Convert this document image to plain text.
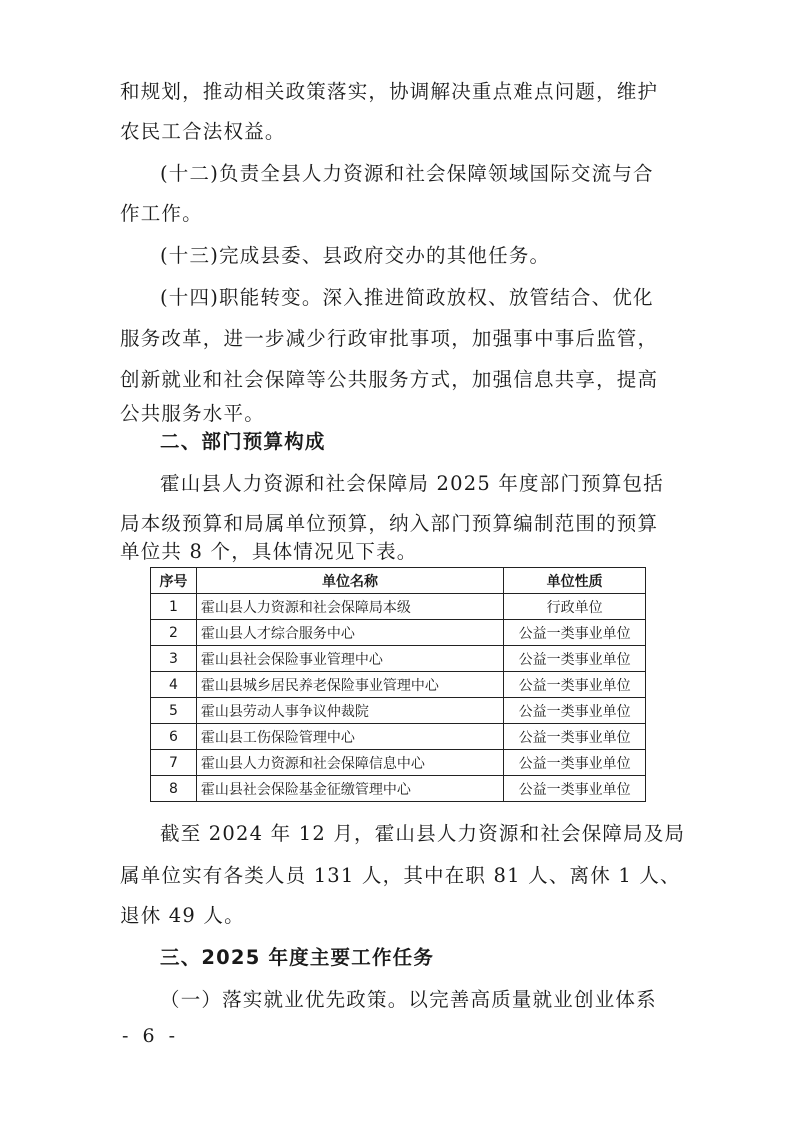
和规划，推动相关政策落实，协调解决重点难点问题，维护
农民工合法权益。
(十二)负责全县人力资源和社会保障领域国际交流与合
作工作。
(十三)完成县委、县政府交办的其他任务。
(十四)职能转变。深入推进简政放权、放管结合、优化
服务改革，进一步减少行政审批事项，加强事中事后监管，
创新就业和社会保障等公共服务方式，加强信息共享，提高
公共服务水平。
二、部门预算构成
霍山县人力资源和社会保障局 2025 年度部门预算包括
局本级预算和局属单位预算，纳入部门预算编制范围的预算
序号	单位名称	单位性质
1	霍山县人力资源和社会保障局本级	行政单位
2	霍山县人才综合服务中心	公益一类事业单位
3	霍山县社会保险事业管理中心	公益一类事业单位
4	霍山县城乡居民养老保险事业管理中心	公益一类事业单位
5	霍山县劳动人事争议仲裁院	公益一类事业单位
6	霍山县工伤保险管理中心	公益一类事业单位
7	霍山县人力资源和社会保障信息中心	公益一类事业单位
8	霍山县社会保险基金征缴管理中心	公益一类事业单位
截至 2024 年 12 月，霍山县人力资源和社会保障局及局
属单位实有各类人员 131 人，其中在职 81 人、离休 1 人、
退休 49 人。
三、2025 年度主要工作任务
（一）落实就业优先政策。以完善高质量就业创业体系
- 6 -
单位共 8 个，具体情况见下表。
